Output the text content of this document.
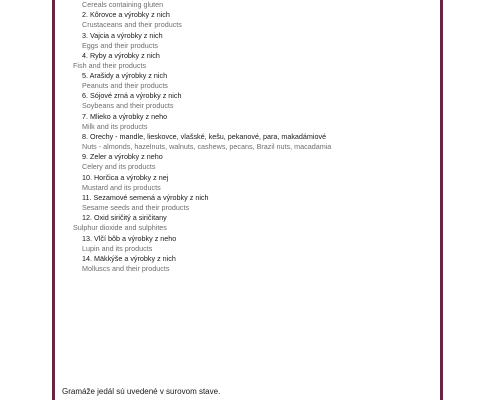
Cereals containing gluten
2. Kôrovce a výrobky z nich
Crustaceans and their products
3. Vajcia a výrobky z nich
Eggs and their products
4. Ryby a výrobky z nich
Fish and their products
5. Arašidy a výrobky z nich
Peanuts and their products
6. Sójové zrná a výrobky z nich
Soybeans and their products
7. Mlieko a výrobky z neho
Milk and its products
8. Orechy - mandle, lieskovce, vlašské, kešu, pekanové, para, makadámiové
Nuts - almonds, hazelnuts, walnuts, cashews, pecans, Brazil nuts, macadamia
9. Zeler a výrobky z neho
Celery and its products
10. Horčica a výrobky z nej
Mustard and its products
11. Sezamové semená a výrobky z nich
Sesame seeds and their products
12. Oxid siričitý a siričitany
Sulphur dioxide and sulphites
13. Vlčí bôb a výrobky z neho
Lupin and its products
14. Mäkkýše a výrobky z nich
Molluscs and their products
Gramáže jedál sú uvedené v surovom stave.
